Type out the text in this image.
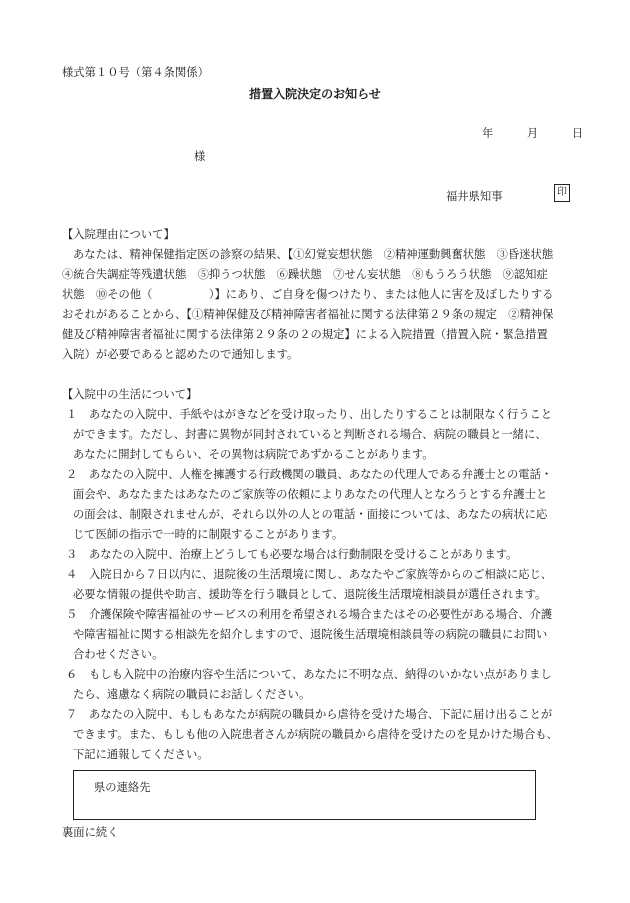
様式第１０号（第４条関係）
措置入院決定のお知らせ
年	月	日
様
福井県知事	印
【入院理由について】
あなたは、精神保健指定医の診察の結果、【①幻覚妄想状態　②精神運動興奮状態　③昏迷状態
④統合失調症等残遺状態　⑤抑うつ状態　⑥躁状態　⑦せん妄状態　⑧もうろう状態　⑨認知症
状態　⑩その他（　　　　　）】にあり、ご自身を傷つけたり、または他人に害を及ぼしたりする
おそれがあることから、【①精神保健及び精神障害者福祉に関する法律第２９条の規定　②精神保
健及び精神障害者福祉に関する法律第２９条の２の規定】による入院措置（措置入院・緊急措置
入院）が必要であると認めたので通知します。
【入院中の生活について】
１ あなたの入院中、手紙やはがきなどを受け取ったり、出したりすることは制限なく行うこと
ができます。ただし、封書に異物が同封されていると判断される場合、病院の職員と一緒に、
あなたに開封してもらい、その異物は病院であずかることがあります。
２ あなたの入院中、人権を擁護する行政機関の職員、あなたの代理人である弁護士との電話・
面会や、あなたまたはあなたのご家族等の依頼によりあなたの代理人となろうとする弁護士と
の面会は、制限されませんが、それら以外の人との電話・面接については、あなたの病状に応
じて医師の指示で一時的に制限することがあります。
３ あなたの入院中、治療上どうしても必要な場合は行動制限を受けることがあります。
４ 入院日から７日以内に、退院後の生活環境に関し、あなたやご家族等からのご相談に応じ、
必要な情報の提供や助言、援助等を行う職員として、退院後生活環境相談員が選任されます。
５ 介護保険や障害福祉のサービスの利用を希望される場合またはその必要性がある場合、介護
や障害福祉に関する相談先を紹介しますので、退院後生活環境相談員等の病院の職員にお問い
合わせください。
６ もしも入院中の治療内容や生活について、あなたに不明な点、納得のいかない点がありまし
たら、遠慮なく病院の職員にお話しください。
７ あなたの入院中、もしもあなたが病院の職員から虐待を受けた場合、下記に届け出ることが
できます。また、もしも他の入院患者さんが病院の職員から虐待を受けたのを見かけた場合も、
下記に通報してください。
県の連絡先
裏面に続く
